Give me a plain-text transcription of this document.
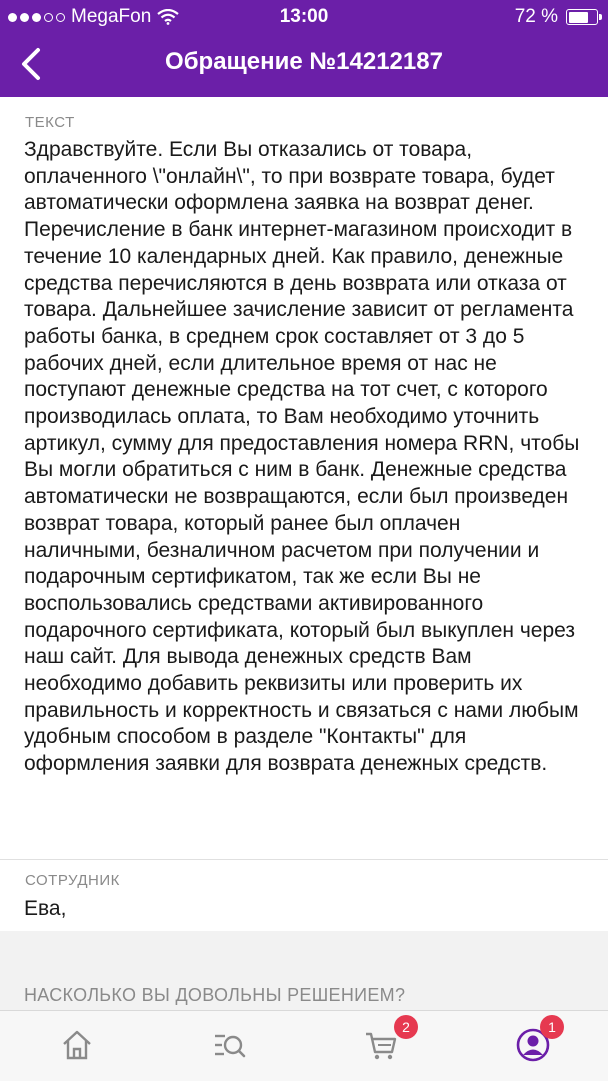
MegaFon	13:00	72 %
Обращение №14212187
ТЕКСТ
Здравствуйте. Если Вы отказались от товара, оплаченного \"онлайн\", то при возврате товара, будет автоматически оформлена заявка на возврат денег. Перечисление в банк интернет-магазином происходит в течение 10 календарных дней. Как правило, денежные средства перечисляются в день возврата или отказа от товара. Дальнейшее зачисление зависит от регламента работы банка, в среднем срок составляет от 3 до 5 рабочих дней, если длительное время от нас не поступают денежные средства на тот счет, с которого производилась оплата, то Вам необходимо уточнить артикул, сумму для предоставления номера RRN, чтобы Вы могли обратиться с ним в банк. Денежные средства автоматически не возвращаются, если был произведен возврат товара, который ранее был оплачен наличными, безналичном расчетом при получении и подарочным сертификатом, так же если Вы не воспользовались средствами активированного подарочного сертификата, который был выкуплен через наш сайт. Для вывода денежных средств Вам необходимо добавить реквизиты или проверить их правильность и корректность и связаться с нами любым удобным способом в разделе "Контакты" для оформления заявки для возврата денежных средств.
СОТРУДНИК
Ева,
НАСКОЛЬКО ВЫ ДОВОЛЬНЫ РЕШЕНИЕМ?
2	1
